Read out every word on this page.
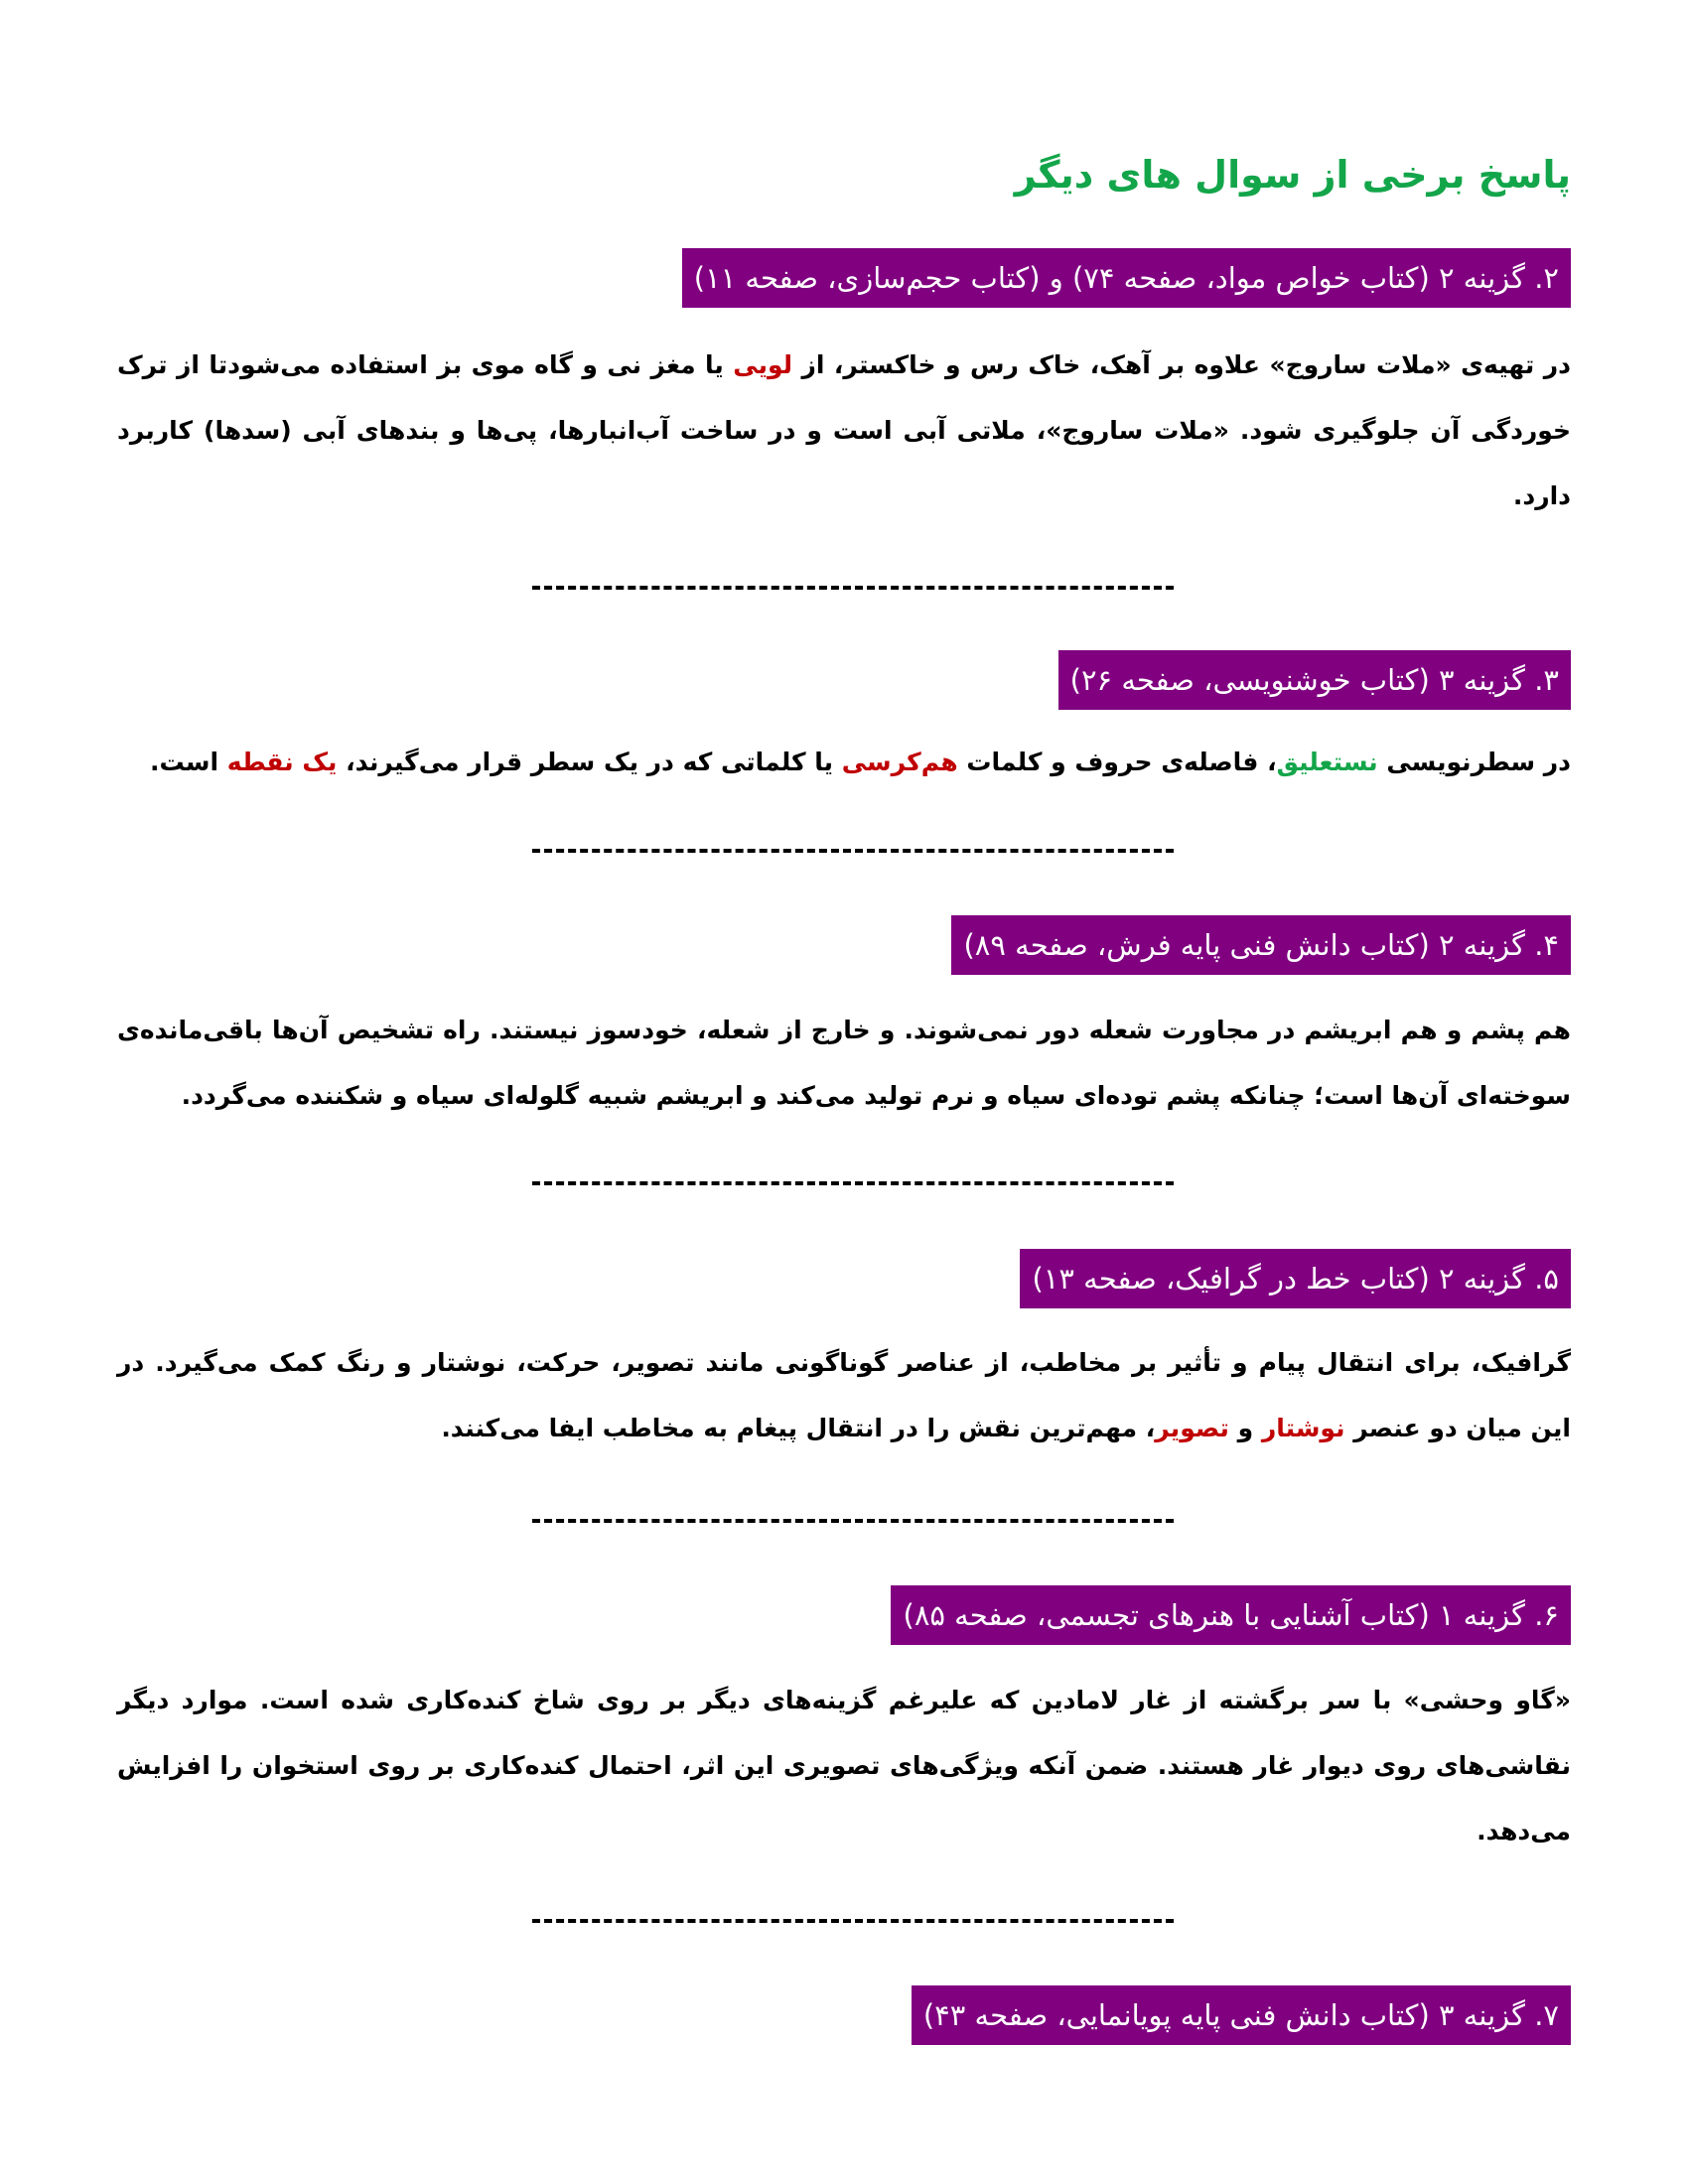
پاسخ برخی از سوال های دیگر
۲. گزینه ۲ (کتاب خواص مواد، صفحه ۷۴) و (کتاب حجم‌سازی، صفحه ۱۱)

در تهیه‌ی «ملات ساروج» علاوه بر آهک، خاک رس و خاکستر، از لویی یا مغز نی و گاه موی بز استفاده می‌شودتا از ترک خوردگی آن جلوگیری شود. «ملات ساروج»، ملاتی آبی است و در ساخت آب‌انبارها، پی‌ها و بندهای آبی (سدها) کاربرد دارد.

۳. گزینه ۳ (کتاب خوشنویسی، صفحه ۲۶)

در سطرنویسی نستعلیق، فاصله‌ی حروف و کلمات هم‌کرسی یا کلماتی که در یک سطر قرار می‌گیرند، یک نقطه است.

۴. گزینه ۲ (کتاب دانش فنی پایه فرش، صفحه ۸۹)

هم پشم و هم ابریشم در مجاورت شعله دور نمی‌شوند. و خارج از شعله، خودسوز نیستند. راه تشخیص آن‌ها باقی‌مانده‌ی سوخته‌ای آن‌ها است؛ چنانکه پشم توده‌ای سیاه و نرم تولید می‌کند و ابریشم شبیه گلوله‌ای سیاه و شکننده می‌گردد.

۵. گزینه ۲ (کتاب خط در گرافیک، صفحه ۱۳)

گرافیک، برای انتقال پیام و تأثیر بر مخاطب، از عناصر گوناگونی مانند تصویر، حرکت، نوشتار و رنگ کمک می‌گیرد. در این میان دو عنصر نوشتار و تصویر، مهم‌ترین نقش را در انتقال پیغام به مخاطب ایفا می‌کنند.

۶. گزینه ۱ (کتاب آشنایی با هنرهای تجسمی، صفحه ۸۵)

«گاو وحشی» با سر برگشته از غار لامادین که علیرغم گزینه‌های دیگر بر روی شاخ کنده‌کاری شده است. موارد دیگر نقاشی‌های روی دیوار غار هستند. ضمن آنکه ویژگی‌های تصویری این اثر، احتمال کنده‌کاری بر روی استخوان را افزایش می‌دهد.

۷. گزینه ۳ (کتاب دانش فنی پایه پویانمایی، صفحه ۴۳)
